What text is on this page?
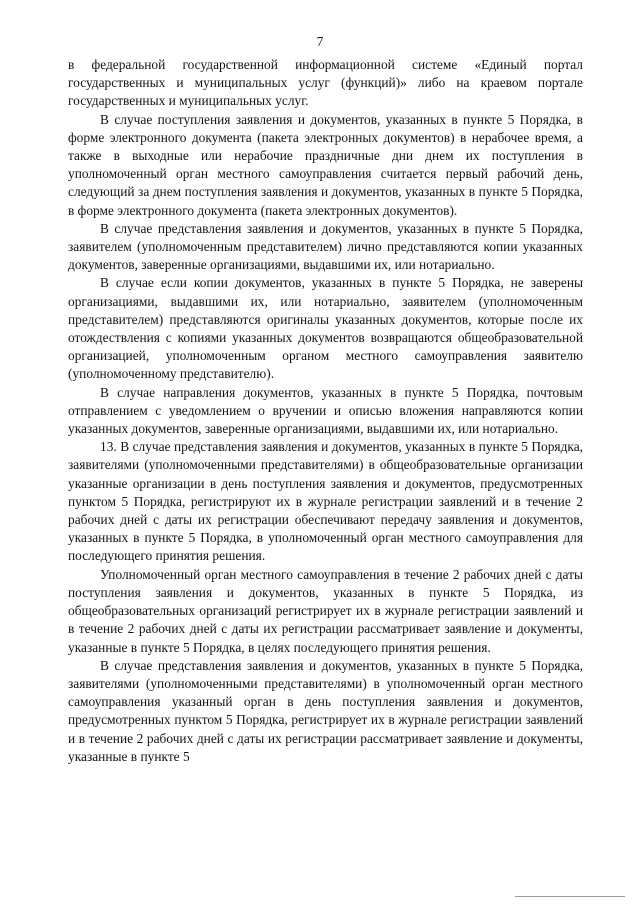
7

в федеральной государственной информационной системе «Единый портал государственных и муниципальных услуг (функций)» либо на краевом портале государственных и муниципальных услуг.

В случае поступления заявления и документов, указанных в пункте 5 Порядка, в форме электронного документа (пакета электронных документов) в нерабочее время, а также в выходные или нерабочие праздничные дни днем их поступления в уполномоченный орган местного самоуправления считается первый рабочий день, следующий за днем поступления заявления и документов, указанных в пункте 5 Порядка, в форме электронного документа (пакета электронных документов).

В случае представления заявления и документов, указанных в пункте 5 Порядка, заявителем (уполномоченным представителем) лично представляются копии указанных документов, заверенные организациями, выдавшими их, или нотариально.

В случае если копии документов, указанных в пункте 5 Порядка, не заверены организациями, выдавшими их, или нотариально, заявителем (уполномоченным представителем) представляются оригиналы указанных документов, которые после их отождествления с копиями указанных документов возвращаются общеобразовательной организацией, уполномоченным органом местного самоуправления заявителю (уполномоченному представителю).

В случае направления документов, указанных в пункте 5 Порядка, почтовым отправлением с уведомлением о вручении и описью вложения направляются копии указанных документов, заверенные организациями, выдавшими их, или нотариально.

13. В случае представления заявления и документов, указанных в пункте 5 Порядка, заявителями (уполномоченными представителями) в общеобразовательные организации указанные организации в день поступления заявления и документов, предусмотренных пунктом 5 Порядка, регистрируют их в журнале регистрации заявлений и в течение 2 рабочих дней с даты их регистрации обеспечивают передачу заявления и документов, указанных в пункте 5 Порядка, в уполномоченный орган местного самоуправления для последующего принятия решения.

Уполномоченный орган местного самоуправления в течение 2 рабочих дней с даты поступления заявления и документов, указанных в пункте 5 Порядка, из общеобразовательных организаций регистрирует их в журнале регистрации заявлений и в течение 2 рабочих дней с даты их регистрации рассматривает заявление и документы, указанные в пункте 5 Порядка, в целях последующего принятия решения.

В случае представления заявления и документов, указанных в пункте 5 Порядка, заявителями (уполномоченными представителями) в уполномоченный орган местного самоуправления указанный орган в день поступления заявления и документов, предусмотренных пунктом 5 Порядка, регистрирует их в журнале регистрации заявлений и в течение 2 рабочих дней с даты их регистрации рассматривает заявление и документы, указанные в пункте 5
